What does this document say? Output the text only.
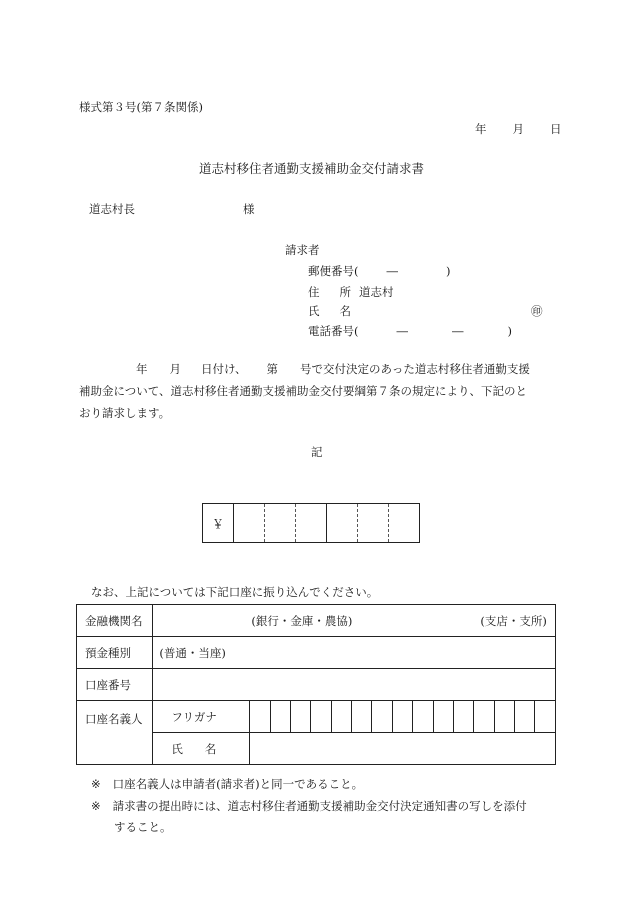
様式第３号(第７条関係)
年 月 日
道志村移住者通勤支援補助金交付請求書
道志村長	様
請求者
郵便番号( ―	)
住 所 道志村
氏 名	㊞
電話番号(	―	―	)
年 月 日付け、 第 号で交付決定のあった道志村移住者通勤支援
補助金について、道志村移住者通勤支援補助金交付要綱第７条の規定により、下記のと
おり請求します。
記
￥						
なお、上記については下記口座に振り込んでください。
金融機関名	(銀行・金庫・農協) (支店・支所)															
預金種別	(普通・当座)															
口座番号																
口座名義人	フリガナ															
	氏 名															
※ 口座名義人は申請者(請求者)と同一であること。
※ 請求書の提出時には、道志村移住者通勤支援補助金交付決定通知書の写しを添付
すること。
